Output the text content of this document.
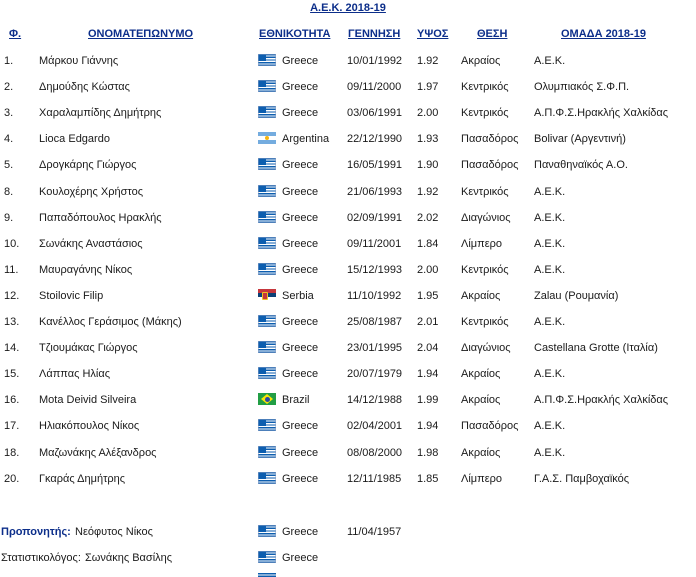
Α.Ε.Κ. 2018-19
Φ.	ΟΝΟΜΑΤΕΠΩΝΥΜΟ	ΕΘΝΙΚΟΤΗΤΑ ΓΕΝΝΗΣΗ ΥΨΟΣ	ΘΕΣΗ	ΟΜΑΔΑ 2018-19
1. Μάρκου Γιάννης	Greece	10/01/1992 1.92 Ακραίος	Α.Ε.Κ.
2. Δημούδης Κώστας	Greece	09/11/2000 1.97 Κεντρικός Ολυμπιακός Σ.Φ.Π.
3. Χαραλαμπίδης Δημήτρης	Greece	03/06/1991 2.00 Κεντρικός Α.Π.Φ.Σ.Ηρακλής Χαλκίδας
4. Lioca Edgardo	Argentina 22/12/1990 1.93 Πασαδόρος Bolivar (Αργεντινή)
5. Δρογκάρης Γιώργος	Greece	16/05/1991 1.90 Πασαδόρος Παναθηναϊκός Α.Ο.
8. Κουλοχέρης Χρήστος	Greece	21/06/1993 1.92 Κεντρικός Α.Ε.Κ.
9. Παπαδόπουλος Ηρακλής	Greece	02/09/1991 2.02 Διαγώνιος Α.Ε.Κ.
10. Σωνάκης Αναστάσιος	Greece	09/11/2001 1.84 Λίμπερο	Α.Ε.Κ.
11. Μαυραγάνης Νίκος	Greece	15/12/1993 2.00 Κεντρικός Α.Ε.Κ.
12. Stoilovic Filip	Serbia	11/10/1992 1.95 Ακραίος	Zalau (Ρουμανία)
13. Κανέλλος Γεράσιμος (Μάκης)	Greece	25/08/1987 2.01 Κεντρικός Α.Ε.Κ.
14. Τζιουμάκας Γιώργος	Greece	23/01/1995 2.04 Διαγώνιος Castellana Grotte (Ιταλία)
15. Λάππας Ηλίας	Greece	20/07/1979 1.94 Ακραίος	Α.Ε.Κ.
16. Mota Deivid Silveira	Brazil	14/12/1988 1.99 Ακραίος	Α.Π.Φ.Σ.Ηρακλής Χαλκίδας
17. Ηλιακόπουλος Νίκος	Greece	02/04/2001 1.94 Πασαδόρος Α.Ε.Κ.
18. Μαζωνάκης Αλέξανδρος	Greece	08/08/2000 1.98 Ακραίος	Α.Ε.Κ.
20. Γκαράς Δημήτρης	Greece	12/11/1985 1.85 Λίμπερο	Γ.Α.Σ. Παμβοχαϊκός
Προπονητής: Νεόφυτος Νίκος	Greece	11/04/1957
Στατιστικολόγος: Σωνάκης Βασίλης	Greece
